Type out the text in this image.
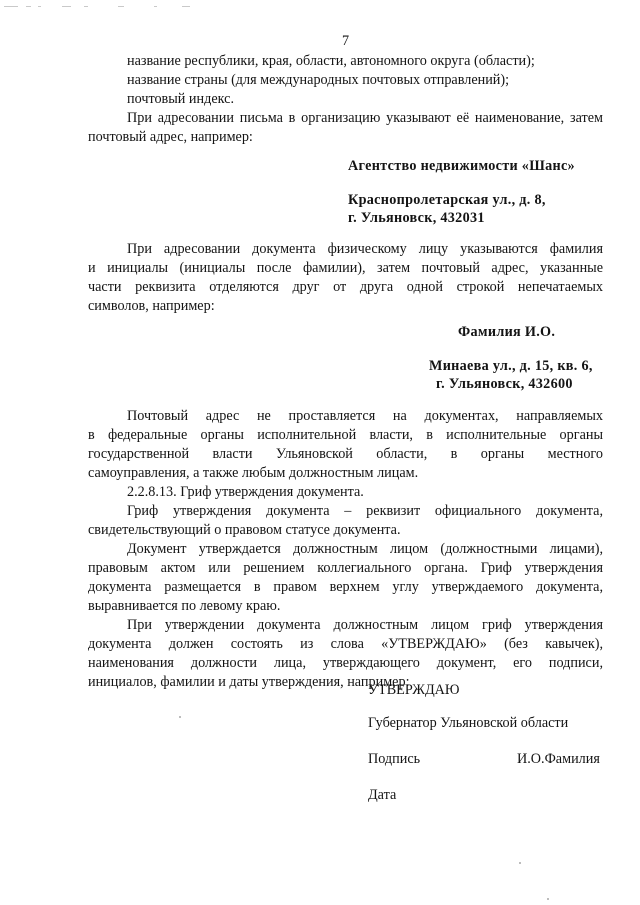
7
название республики, края, области, автономного округа (области);
название страны (для международных почтовых отправлений);
почтовый индекс.
При адресовании письма в организацию указывают её наименование, затем
почтовый адрес, например:
Агентство недвижимости «Шанс»
Краснопролетарская ул., д. 8,
г. Ульяновск, 432031
При адресовании документа физическому лицу указываются фамилия
и инициалы (инициалы после фамилии), затем почтовый адрес, указанные
части реквизита отделяются друг от друга одной строкой непечатаемых
символов, например:
Фамилия И.О.
Минаева ул., д. 15, кв. 6,
г. Ульяновск, 432600
Почтовый адрес не проставляется на документах, направляемых
в федеральные органы исполнительной власти, в исполнительные органы
государственной власти Ульяновской области, в органы местного
самоуправления, а также любым должностным лицам.
2.2.8.13. Гриф утверждения документа.
Гриф утверждения документа – реквизит официального документа,
свидетельствующий о правовом статусе документа.
Документ утверждается должностным лицом (должностными лицами),
правовым актом или решением коллегиального органа. Гриф утверждения
документа размещается в правом верхнем углу утверждаемого документа,
выравнивается по левому краю.
При утверждении документа должностным лицом гриф утверждения
документа должен состоять из слова «УТВЕРЖДАЮ» (без кавычек),
наименования должности лица, утверждающего документ, его подписи,
инициалов, фамилии и даты утверждения, например:
УТВЕРЖДАЮ
Губернатор Ульяновской области
Подпись	И.О.Фамилия
Дата
